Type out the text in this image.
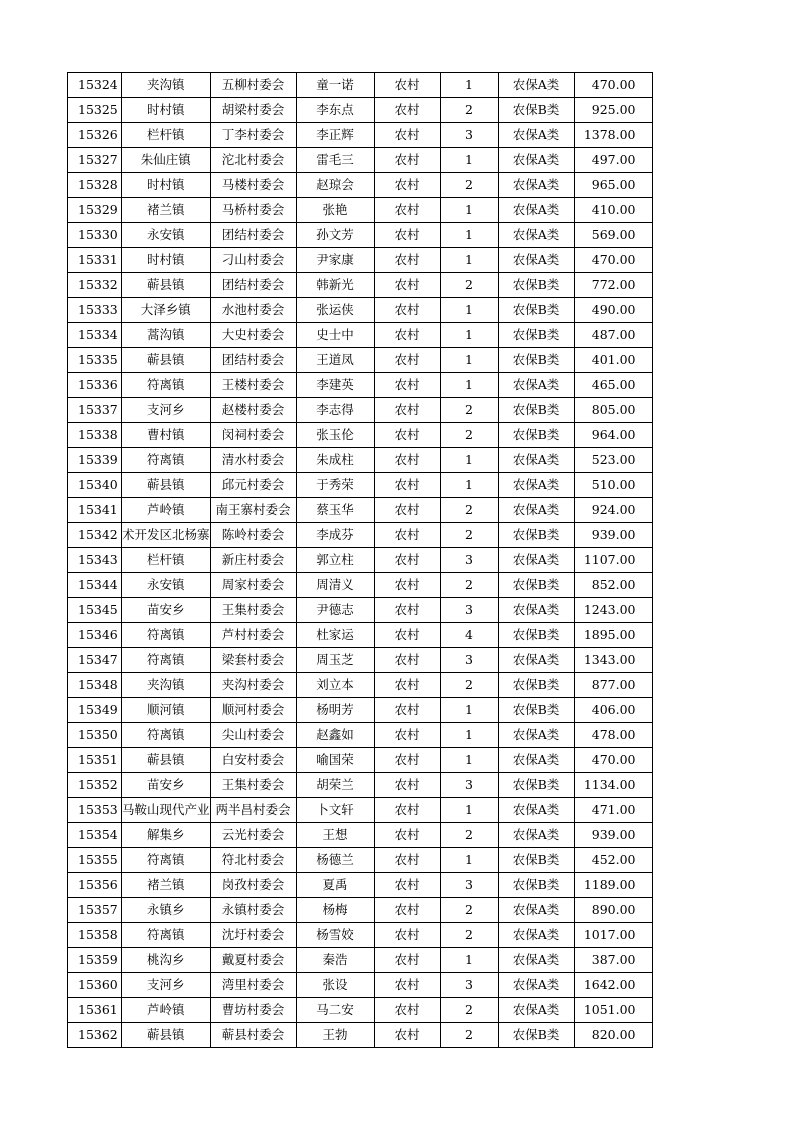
15324	夹沟镇	五柳村委会	童一诺	农村	1	农保A类	470.00
15325	时村镇	胡梁村委会	李东点	农村	2	农保B类	925.00
15326	栏杆镇	丁李村委会	李正辉	农村	3	农保A类	1378.00
15327	朱仙庄镇	沱北村委会	雷毛三	农村	1	农保A类	497.00
15328	时村镇	马楼村委会	赵琼会	农村	2	农保A类	965.00
15329	褚兰镇	马桥村委会	张艳	农村	1	农保A类	410.00
15330	永安镇	团结村委会	孙文芳	农村	1	农保A类	569.00
15331	时村镇	刁山村委会	尹家康	农村	1	农保A类	470.00
15332	蕲县镇	团结村委会	韩新光	农村	2	农保B类	772.00
15333	大泽乡镇	水池村委会	张运侠	农村	1	农保B类	490.00
15334	蒿沟镇	大史村委会	史士中	农村	1	农保B类	487.00
15335	蕲县镇	团结村委会	王道凤	农村	1	农保B类	401.00
15336	符离镇	王楼村委会	李建英	农村	1	农保A类	465.00
15337	支河乡	赵楼村委会	李志得	农村	2	农保B类	805.00
15338	曹村镇	闵祠村委会	张玉伦	农村	2	农保B类	964.00
15339	符离镇	清水村委会	朱成柱	农村	1	农保A类	523.00
15340	蕲县镇	邱元村委会	于秀荣	农村	1	农保A类	510.00
15341	芦岭镇	南王寨村委会	蔡玉华	农村	2	农保A类	924.00
15342	术开发区北杨寨	陈岭村委会	李成芬	农村	2	农保B类	939.00
15343	栏杆镇	新庄村委会	郭立柱	农村	3	农保A类	1107.00
15344	永安镇	周家村委会	周清义	农村	2	农保B类	852.00
15345	苗安乡	王集村委会	尹德志	农村	3	农保A类	1243.00
15346	符离镇	芦村村委会	杜家运	农村	4	农保B类	1895.00
15347	符离镇	梁套村委会	周玉芝	农村	3	农保A类	1343.00
15348	夹沟镇	夹沟村委会	刘立本	农村	2	农保B类	877.00
15349	顺河镇	顺河村委会	杨明芳	农村	1	农保B类	406.00
15350	符离镇	尖山村委会	赵鑫如	农村	1	农保A类	478.00
15351	蕲县镇	白安村委会	喻国荣	农村	1	农保A类	470.00
15352	苗安乡	王集村委会	胡荣兰	农村	3	农保B类	1134.00
15353	马鞍山现代产业	两半昌村委会	卜文轩	农村	1	农保A类	471.00
15354	解集乡	云光村委会	王想	农村	2	农保A类	939.00
15355	符离镇	符北村委会	杨德兰	农村	1	农保B类	452.00
15356	褚兰镇	岗孜村委会	夏禹	农村	3	农保B类	1189.00
15357	永镇乡	永镇村委会	杨梅	农村	2	农保A类	890.00
15358	符离镇	沈圩村委会	杨雪姣	农村	2	农保A类	1017.00
15359	桃沟乡	戴夏村委会	秦浩	农村	1	农保A类	387.00
15360	支河乡	湾里村委会	张设	农村	3	农保A类	1642.00
15361	芦岭镇	曹坊村委会	马二安	农村	2	农保A类	1051.00
15362	蕲县镇	蕲县村委会	王勃	农村	2	农保B类	820.00
